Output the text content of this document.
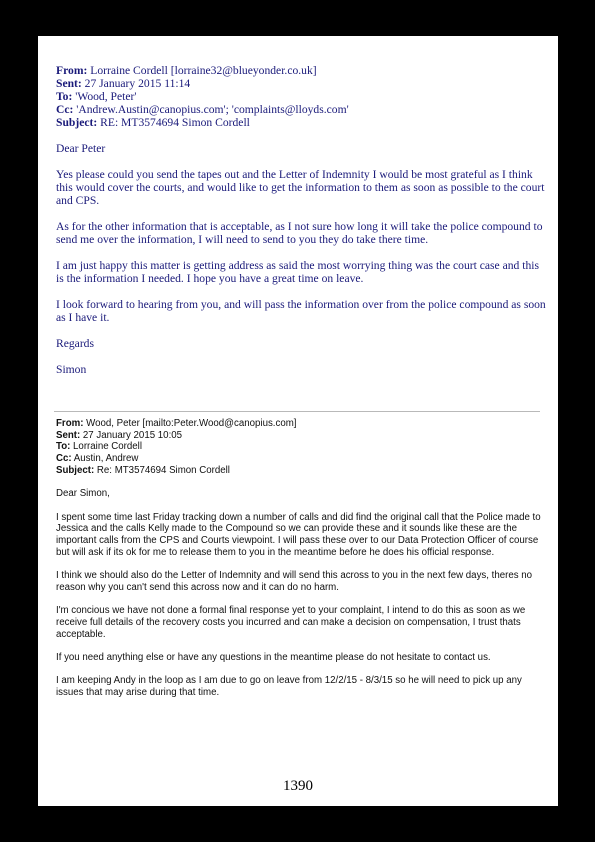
From: Lorraine Cordell [lorraine32@blueyonder.co.uk]
Sent: 27 January 2015 11:14
To: 'Wood, Peter'
Cc: 'Andrew.Austin@canopius.com'; 'complaints@lloyds.com'
Subject: RE: MT3574694 Simon Cordell

Dear Peter

Yes please could you send the tapes out and the Letter of Indemnity I would be most grateful as I think this would cover the courts, and would like to get the information to them as soon as possible to the court and CPS.

As for the other information that is acceptable, as I not sure how long it will take the police compound to send me over the information, I will need to send to you they do take there time.

I am just happy this matter is getting address as said the most worrying thing was the court case and this is the information I needed. I hope you have a great time on leave.

I look forward to hearing from you, and will pass the information over from the police compound as soon as I have it.

Regards

Simon

From: Wood, Peter [mailto:Peter.Wood@canopius.com]
Sent: 27 January 2015 10:05
To: Lorraine Cordell
Cc: Austin, Andrew
Subject: Re: MT3574694 Simon Cordell

Dear Simon,

I spent some time last Friday tracking down a number of calls and did find the original call that the Police made to Jessica and the calls Kelly made to the Compound so we can provide these and it sounds like these are the important calls from the CPS and Courts viewpoint. I will pass these over to our Data Protection Officer of course but will ask if its ok for me to release them to you in the meantime before he does his official response.

I think we should also do the Letter of Indemnity and will send this across to you in the next few days, theres no reason why you can't send this across now and it can do no harm.

I'm concious we have not done a formal final response yet to your complaint, I intend to do this as soon as we receive full details of the recovery costs you incurred and can make a decision on compensation, I trust thats acceptable.

If you need anything else or have any questions in the meantime please do not hesitate to contact us.

I am keeping Andy in the loop as I am due to go on leave from 12/2/15 - 8/3/15 so he will need to pick up any issues that may arise during that time.

1390
